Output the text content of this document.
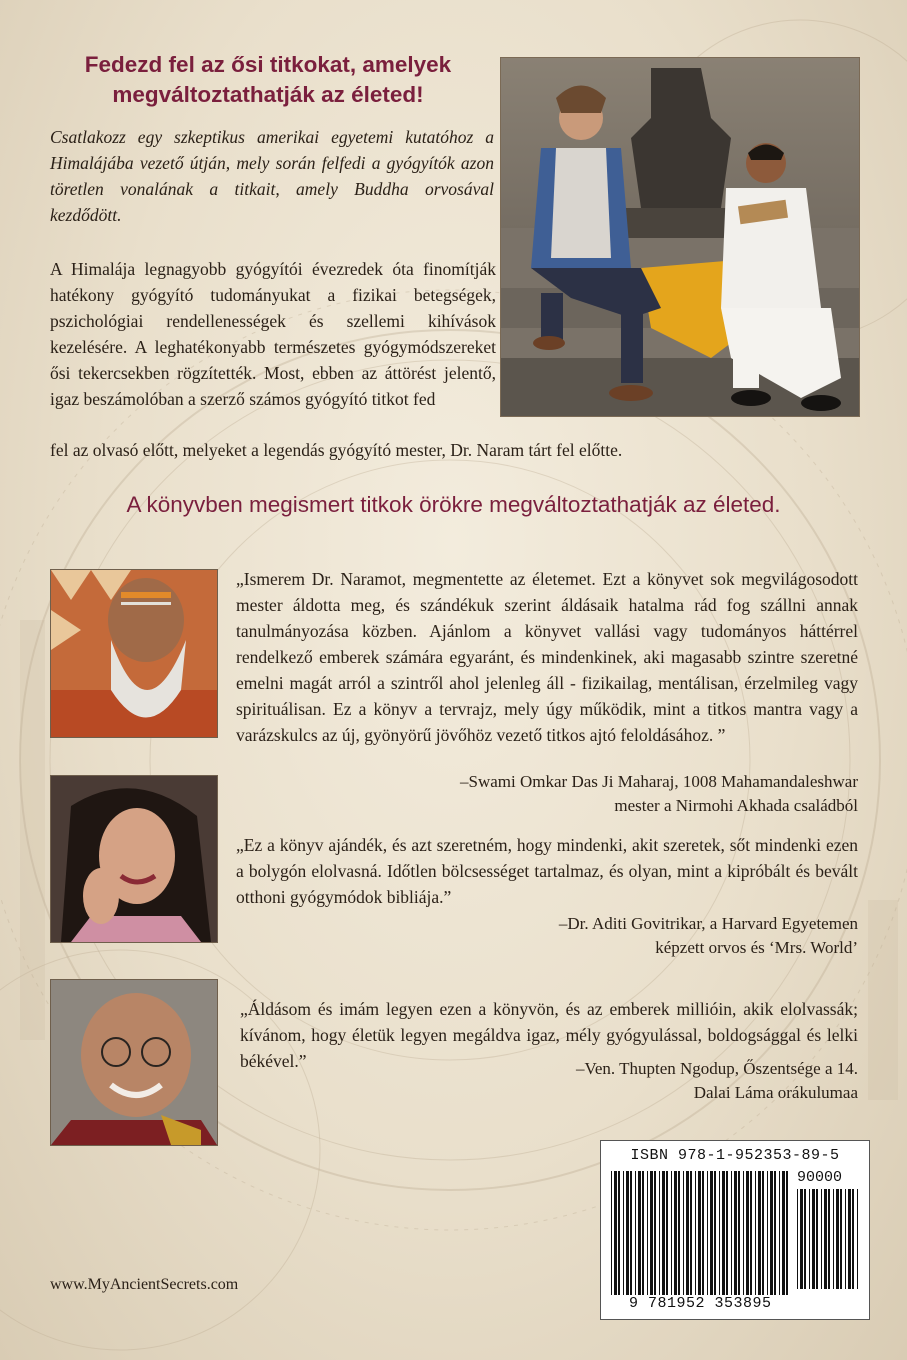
Fedezd fel az ősi titkokat, amelyek megváltoztathatják az életed!
Csatlakozz egy szkeptikus amerikai egyetemi kutatóhoz a Himalájába vezető útján, mely során felfedi a gyógyítók azon töretlen vonalának a titkait, amely Buddha orvosával kezdődött.
A Himalája legnagyobb gyógyítói évezredek óta finomítják hatékony gyógyító tudományukat a fizikai betegségek, pszichológiai rendellenességek és szellemi kihívások kezelésére. A leghatékonyabb természetes gyógymódszereket ősi tekercsekben rögzítették. Most, ebben az áttörést jelentő, igaz beszámolóban a szerző számos gyógyító titkot fed
fel az olvasó előtt, melyeket a legendás gyógyító mester, Dr. Naram tárt fel előtte.
A könyvben megismert titkok örökre megváltoztathatják az életed.
„Ismerem Dr. Naramot, megmentette az életemet. Ezt a könyvet sok megvilágosodott mester áldotta meg, és szándékuk szerint áldásaik hatalma rád fog szállni annak tanulmányozása közben. Ajánlom a könyvet vallási vagy tudományos háttérrel rendelkező emberek számára egyaránt, és mindenkinek, aki magasabb szintre szeretné emelni magát arról a szintről ahol jelenleg áll - fizikailag, mentálisan, érzelmileg vagy spirituálisan. Ez a könyv a tervrajz, mely úgy működik, mint a titkos mantra vagy a varázskulcs az új, gyönyörű jövőhöz vezető titkos ajtó feloldásához. ”
–Swami Omkar Das Ji Maharaj, 1008 Mahamandaleshwar
mester a Nirmohi Akhada családból
„Ez a könyv ajándék, és azt szeretném, hogy mindenki, akit szeretek, sőt mindenki ezen a bolygón elolvasná. Időtlen bölcsességet tartalmaz, és olyan, mint a kipróbált és bevált otthoni gyógymódok bibliája.”
–Dr. Aditi Govitrikar, a Harvard Egyetemen
képzett orvos és ‘Mrs. World’
„Áldásom és imám legyen ezen a könyvön, és az emberek millióin, akik elolvassák; kívánom, hogy életük legyen megáldva igaz, mély gyógyulással, boldogsággal és lelki békével.”	–Ven. Thupten Ngodup, Őszentsége a 14.
Dalai Láma orákulumaa
ISBN 978-1-952353-89-5
90000
9 781952 353895
www.MyAncientSecrets.com
